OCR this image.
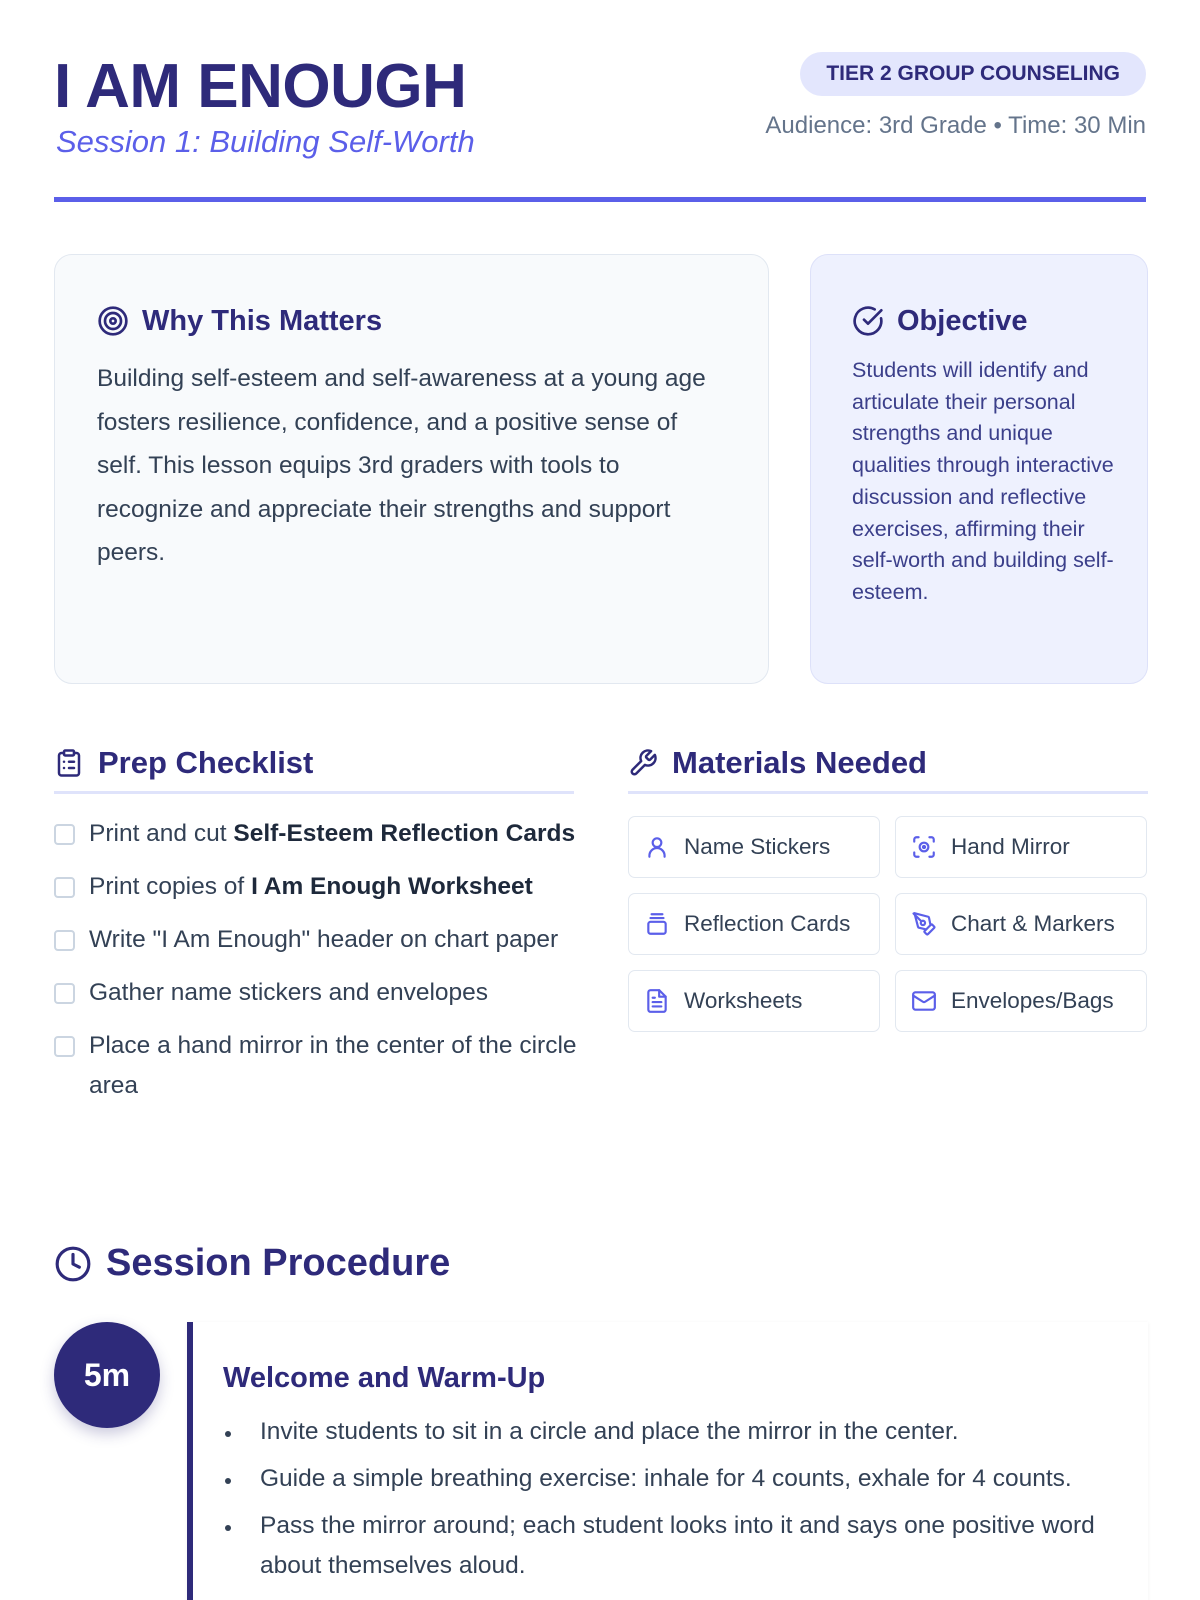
I AM ENOUGH
Session 1: Building Self-Worth
TIER 2 GROUP COUNSELING
Audience: 3rd Grade • Time: 30 Min
Why This Matters

Building self-esteem and self-awareness at a young age fosters resilience, confidence, and a positive sense of self. This lesson equips 3rd graders with tools to recognize and appreciate their strengths and support peers.

Objective

Students will identify and articulate their personal strengths and unique qualities through interactive discussion and reflective exercises, affirming their self-worth and building self-esteem.

Prep Checklist
Print and cut Self-Esteem Reflection Cards
Print copies of I Am Enough Worksheet
Write "I Am Enough" header on chart paper
Gather name stickers and envelopes
Place a hand mirror in the center of the circle area
Materials Needed
Name Stickers	Hand Mirror
Reflection Cards	Chart & Markers
Worksheets	Envelopes/Bags
Session Procedure
5m	Welcome and Warm-Up
Invite students to sit in a circle and place the mirror in the center.
Guide a simple breathing exercise: inhale for 4 counts, exhale for 4 counts.
Pass the mirror around; each student looks into it and says one positive word about themselves aloud.
